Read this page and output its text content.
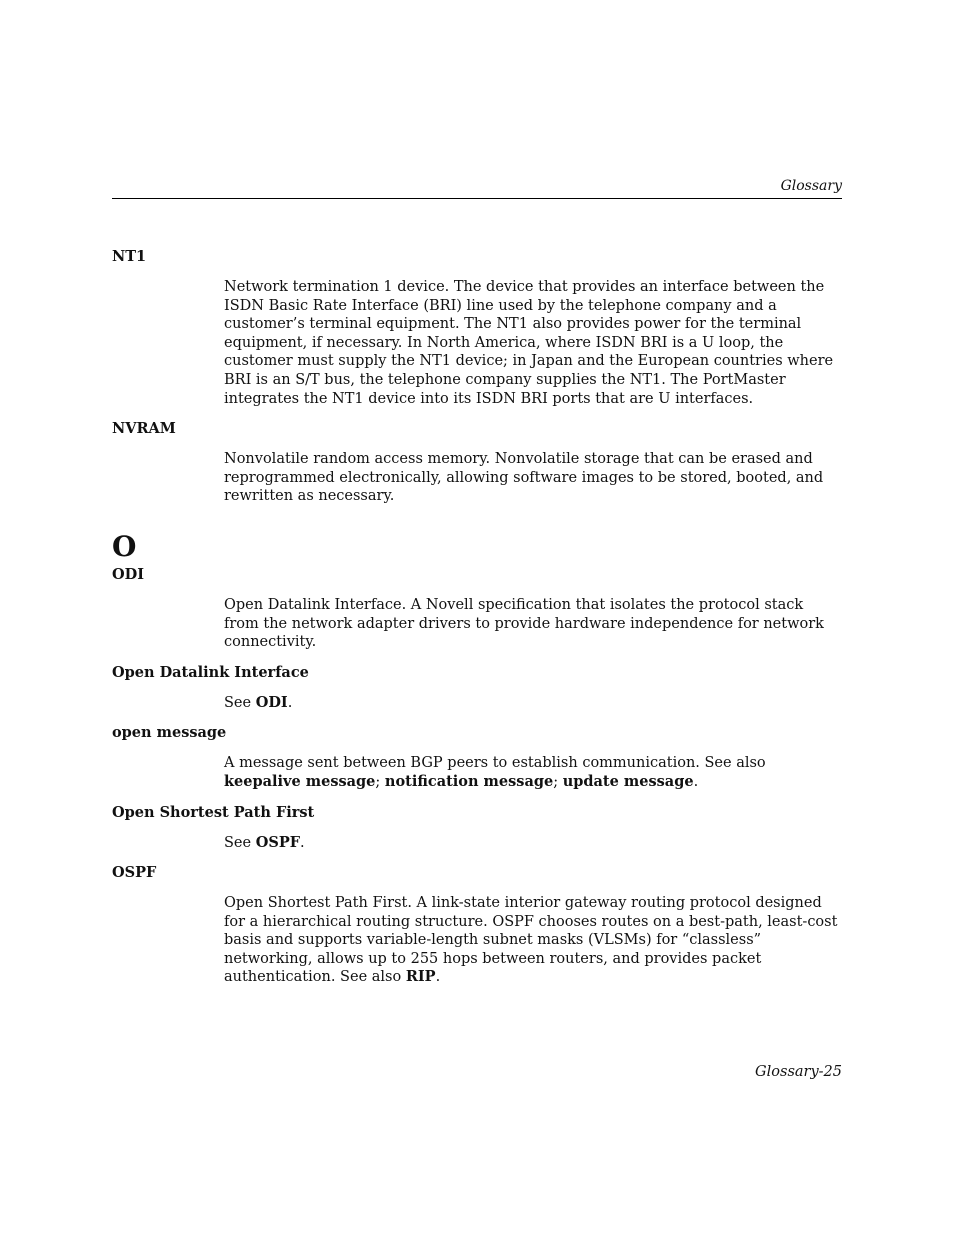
Glossary

NT1

Network termination 1 device. The device that provides an interface between the ISDN Basic Rate Interface (BRI) line used by the telephone company and a customer’s terminal equipment. The NT1 also provides power for the terminal equipment, if necessary. In North America, where ISDN BRI is a U loop, the customer must supply the NT1 device; in Japan and the European countries where BRI is an S/T bus, the telephone company supplies the NT1. The PortMaster integrates the NT1 device into its ISDN BRI ports that are U interfaces.

NVRAM

Nonvolatile random access memory. Nonvolatile storage that can be erased and reprogrammed electronically, allowing software images to be stored, booted, and rewritten as necessary.

O

ODI

Open Datalink Interface. A Novell specification that isolates the protocol stack from the network adapter drivers to provide hardware independence for network connectivity.

Open Datalink Interface

See ODI.

open message

A message sent between BGP peers to establish communication. See also keepalive message; notification message; update message.

Open Shortest Path First

See OSPF.

OSPF

Open Shortest Path First. A link-state interior gateway routing protocol designed for a hierarchical routing structure. OSPF chooses routes on a best-path, least-cost basis and supports variable-length subnet masks (VLSMs) for “classless” networking, allows up to 255 hops between routers, and provides packet authentication. See also RIP.

Glossary-25
